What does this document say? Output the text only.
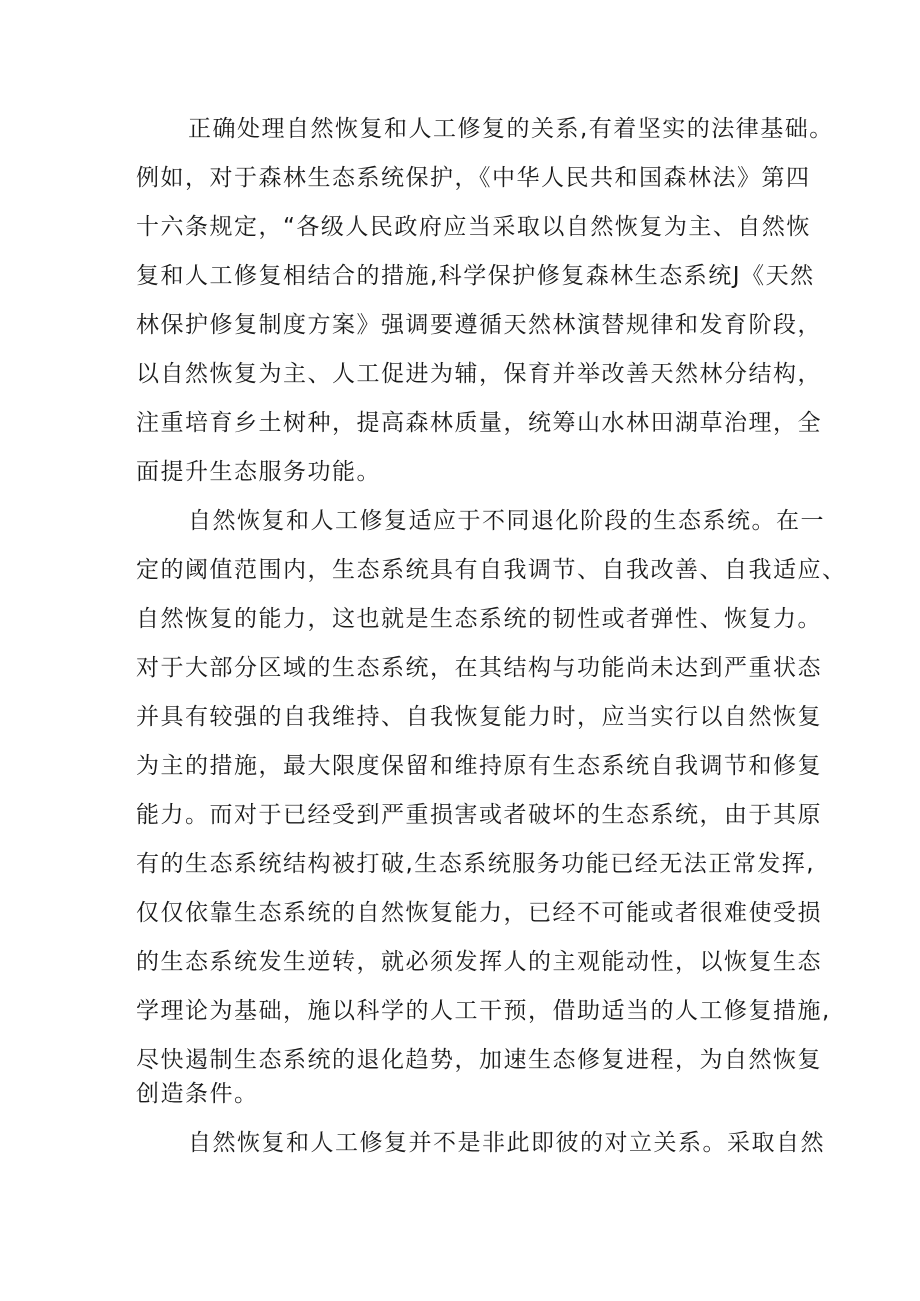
正确处理自然恢复和人工修复的关系,有着坚实的法律基础。
例如，对于森林生态系统保护，《中华人民共和国森林法》第四
十六条规定，“各级人民政府应当采取以自然恢复为主、自然恢
复和人工修复相结合的措施,科学保护修复森林生态系统J《天然
林保护修复制度方案》强调要遵循天然林演替规律和发育阶段，
以自然恢复为主、人工促进为辅，保育并举改善天然林分结构，
注重培育乡土树种，提高森林质量，统筹山水林田湖草治理，全
面提升生态服务功能。
自然恢复和人工修复适应于不同退化阶段的生态系统。在一
定的阈值范围内，生态系统具有自我调节、自我改善、自我适应、
自然恢复的能力，这也就是生态系统的韧性或者弹性、恢复力。
对于大部分区域的生态系统，在其结构与功能尚未达到严重状态
并具有较强的自我维持、自我恢复能力时，应当实行以自然恢复
为主的措施，最大限度保留和维持原有生态系统自我调节和修复
能力。而对于已经受到严重损害或者破坏的生态系统，由于其原
有的生态系统结构被打破,生态系统服务功能已经无法正常发挥,
仅仅依靠生态系统的自然恢复能力，已经不可能或者很难使受损
的生态系统发生逆转，就必须发挥人的主观能动性，以恢复生态
学理论为基础，施以科学的人工干预，借助适当的人工修复措施,
尽快遏制生态系统的退化趋势，加速生态修复进程，为自然恢复
创造条件。
自然恢复和人工修复并不是非此即彼的对立关系。采取自然
